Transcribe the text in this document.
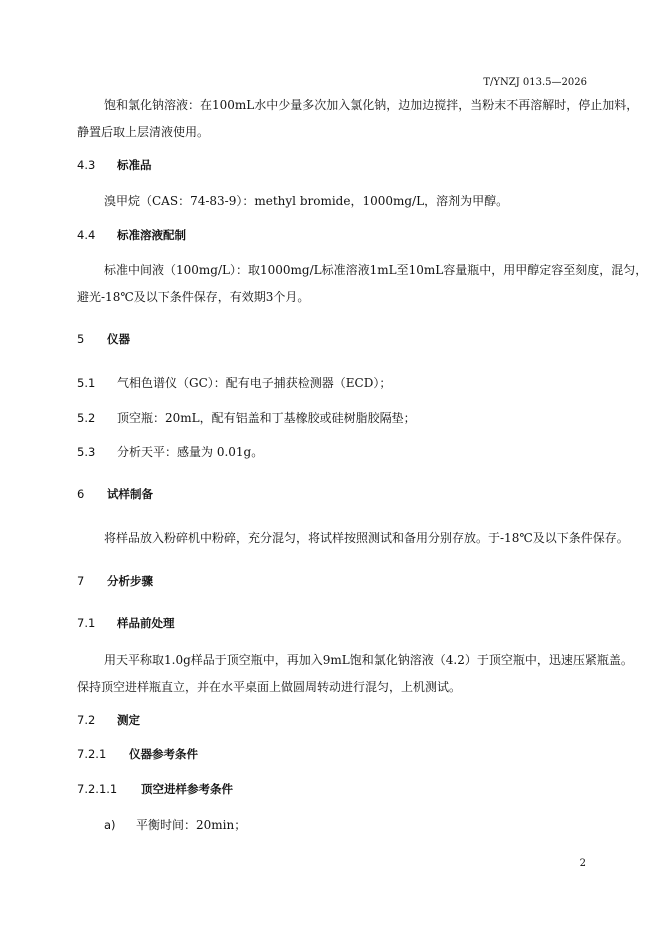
T/YNZJ 013.5—2026
饱和氯化钠溶液：在100mL水中少量多次加入氯化钠，边加边搅拌，当粉末不再溶解时，停止加料，
静置后取上层清液使用。
4.3 标准品
溴甲烷（CAS：74-83-9）：methyl bromide，1000mg/L，溶剂为甲醇。
4.4 标准溶液配制
标准中间液（100mg/L）：取1000mg/L标准溶液1mL至10mL容量瓶中，用甲醇定容至刻度，混匀，
避光-18℃及以下条件保存，有效期3个月。
5 仪器
5.1 气相色谱仪（GC）：配有电子捕获检测器（ECD）；
5.2 顶空瓶：20mL，配有铝盖和丁基橡胶或硅树脂胶隔垫；
5.3 分析天平：感量为 0.01g。
6 试样制备
将样品放入粉碎机中粉碎，充分混匀，将试样按照测试和备用分别存放。于-18℃及以下条件保存。
7 分析步骤
7.1 样品前处理
用天平称取1.0g样品于顶空瓶中，再加入9mL饱和氯化钠溶液（4.2）于顶空瓶中，迅速压紧瓶盖。
保持顶空进样瓶直立，并在水平桌面上做圆周转动进行混匀，上机测试。
7.2 测定
7.2.1 仪器参考条件
7.2.1.1 顶空进样参考条件
a) 平衡时间：20min；
2
